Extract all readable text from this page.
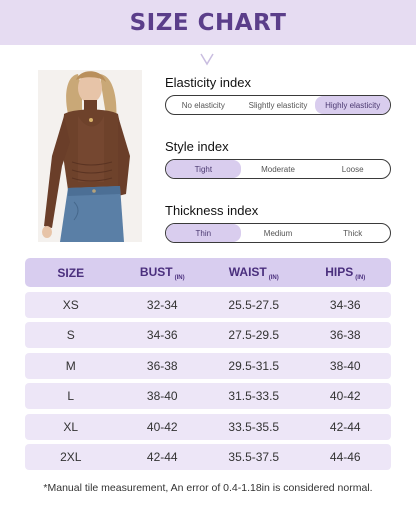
SIZE CHART
Elasticity index
No elasticity	Slightly elasticity	Highly elasticity
Style index
Tight	Moderate	Loose
Thickness index
Thin	Medium	Thick
SIZE	BUST $_{(IN)}$	WAIST $_{(IN)}$	HIPS $_{(IN)}$
XS	32-34	25.5-27.5	34-36
S	34-36	27.5-29.5	36-38
M	36-38	29.5-31.5	38-40
L	38-40	31.5-33.5	40-42
XL	40-42	33.5-35.5	42-44
2XL	42-44	35.5-37.5	44-46
*Manual tile measurement, An error of 0.4-1.18in is considered normal.
